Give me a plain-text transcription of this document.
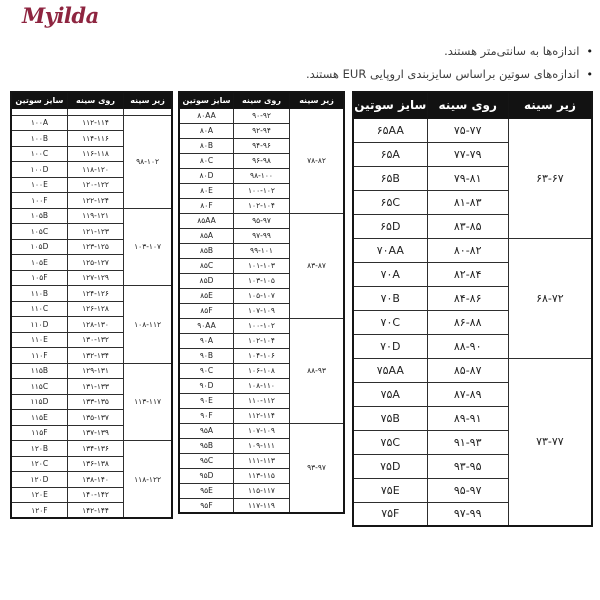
Myilda
•
اندازه‌ها به سانتی‌متر هستند.
•
اندازه‌های سوتین براساس سایزبندی اروپایی EUR هستند.
سایز سوتین	روی سینه	زیر سینه
۶۵AA	۷۵-۷۷	۶۳-۶۷
۶۵A	۷۷-۷۹	
۶۵B	۷۹-۸۱	
۶۵C	۸۱-۸۳	
۶۵D	۸۳-۸۵	
۷۰AA	۸۰-۸۲	۶۸-۷۲
۷۰A	۸۲-۸۴	
۷۰B	۸۴-۸۶	
۷۰C	۸۶-۸۸	
۷۰D	۸۸-۹۰	
۷۵AA	۸۵-۸۷	۷۳-۷۷
۷۵A	۸۷-۸۹	
۷۵B	۸۹-۹۱	
۷۵C	۹۱-۹۳	
۷۵D	۹۳-۹۵	
۷۵E	۹۵-۹۷	
۷۵F	۹۷-۹۹	
سایز سوتین	روی سینه	زیر سینه
۸۰AA	۹۰-۹۲	۷۸-۸۲
۸۰A	۹۲-۹۴	
۸۰B	۹۴-۹۶	
۸۰C	۹۶-۹۸	
۸۰D	۹۸-۱۰۰	
۸۰E	۱۰۰-۱۰۲	
۸۰F	۱۰۲-۱۰۴	
۸۵AA	۹۵-۹۷	۸۳-۸۷
۸۵A	۹۷-۹۹	
۸۵B	۹۹-۱۰۱	
۸۵C	۱۰۱-۱۰۳	
۸۵D	۱۰۳-۱۰۵	
۸۵E	۱۰۵-۱۰۷	
۸۵F	۱۰۷-۱۰۹	
۹۰AA	۱۰۰-۱۰۲	۸۸-۹۳
۹۰A	۱۰۲-۱۰۴	
۹۰B	۱۰۴-۱۰۶	
۹۰C	۱۰۶-۱۰۸	
۹۰D	۱۰۸-۱۱۰	
۹۰E	۱۱۰-۱۱۲	
۹۰F	۱۱۲-۱۱۴	
۹۵A	۱۰۷-۱۰۹	۹۳-۹۷
۹۵B	۱۰۹-۱۱۱	
۹۵C	۱۱۱-۱۱۳	
۹۵D	۱۱۳-۱۱۵	
۹۵E	۱۱۵-۱۱۷	
۹۵F	۱۱۷-۱۱۹	
سایز سوتین	روی سینه	زیر سینه

۱۰۰A	۱۱۲-۱۱۴	۹۸-۱۰۲
۱۰۰B	۱۱۴-۱۱۶	
۱۰۰C	۱۱۶-۱۱۸	
۱۰۰D	۱۱۸-۱۲۰	
۱۰۰E	۱۲۰-۱۲۲	
۱۰۰F	۱۲۲-۱۲۴	
۱۰۵B	۱۱۹-۱۲۱	۱۰۳-۱۰۷
۱۰۵C	۱۲۱-۱۲۳	
۱۰۵D	۱۲۳-۱۲۵	
۱۰۵E	۱۲۵-۱۲۷	
۱۰۵F	۱۲۷-۱۲۹	
۱۱۰B	۱۲۴-۱۲۶	۱۰۸-۱۱۲
۱۱۰C	۱۲۶-۱۲۸	
۱۱۰D	۱۲۸-۱۳۰	
۱۱۰E	۱۳۰-۱۳۲	
۱۱۰F	۱۳۲-۱۳۴	
۱۱۵B	۱۲۹-۱۳۱	۱۱۳-۱۱۷
۱۱۵C	۱۳۱-۱۳۳	
۱۱۵D	۱۳۳-۱۳۵	
۱۱۵E	۱۳۵-۱۳۷	
۱۱۵F	۱۳۷-۱۳۹	
۱۲۰B	۱۳۴-۱۳۶	۱۱۸-۱۲۲
۱۲۰C	۱۳۶-۱۳۸	
۱۲۰D	۱۳۸-۱۴۰	
۱۲۰E	۱۴۰-۱۴۲	
۱۲۰F	۱۴۲-۱۴۴	
